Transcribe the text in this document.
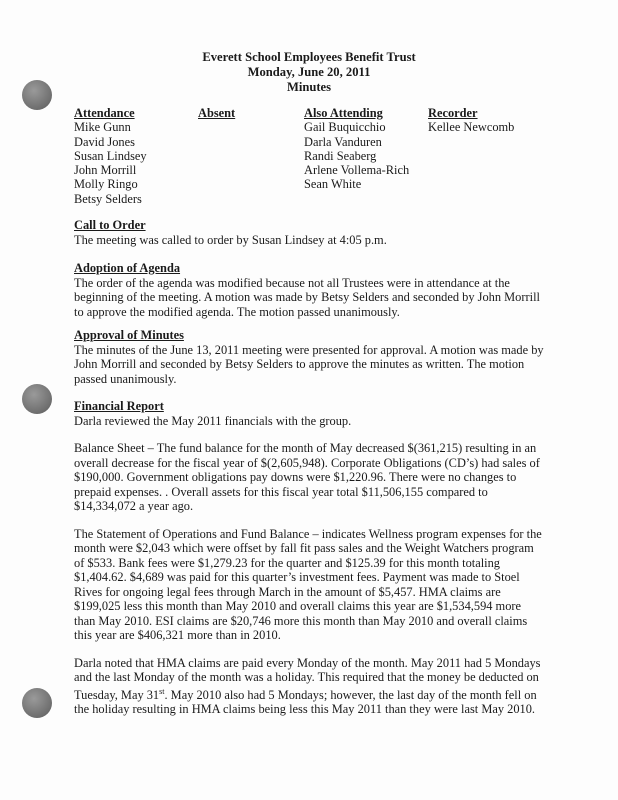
Everett School Employees Benefit Trust
Monday, June 20, 2011
Minutes
Attendance
Mike Gunn
David Jones
Susan Lindsey
John Morrill
Molly Ringo
Betsy Selders
Absent	Also Attending
Gail Buquicchio
Darla Vanduren
Randi Seaberg
Arlene Vollema-Rich
Sean White
Recorder
Kellee Newcomb
Call to Order

The meeting was called to order by Susan Lindsey at 4:05 p.m.

Adoption of Agenda

The order of the agenda was modified because not all Trustees were in attendance at the beginning of the meeting. A motion was made by Betsy Selders and seconded by John Morrill to approve the modified agenda. The motion passed unanimously.

Approval of Minutes

The minutes of the June 13, 2011 meeting were presented for approval. A motion was made by John Morrill and seconded by Betsy Selders to approve the minutes as written. The motion passed unanimously.

Financial Report

Darla reviewed the May 2011 financials with the group.

Balance Sheet – The fund balance for the month of May decreased $(361,215) resulting in an overall decrease for the fiscal year of $(2,605,948). Corporate Obligations (CD’s) had sales of $190,000. Government obligations pay downs were $1,220.96. There were no changes to prepaid expenses. . Overall assets for this fiscal year total $11,506,155 compared to $14,334,072 a year ago.

The Statement of Operations and Fund Balance – indicates Wellness program expenses for the month were $2,043 which were offset by fall fit pass sales and the Weight Watchers program of $533. Bank fees were $1,279.23 for the quarter and $125.39 for this month totaling $1,404.62. $4,689 was paid for this quarter’s investment fees. Payment was made to Stoel Rives for ongoing legal fees through March in the amount of $5,457. HMA claims are $199,025 less this month than May 2010 and overall claims this year are $1,534,594 more than May 2010. ESI claims are $20,746 more this month than May 2010 and overall claims this year are $406,321 more than in 2010.

Darla noted that HMA claims are paid every Monday of the month. May 2011 had 5 Mondays and the last Monday of the month was a holiday. This required that the money be deducted on Tuesday, May 31st. May 2010 also had 5 Mondays; however, the last day of the month fell on the holiday resulting in HMA claims being less this May 2011 than they were last May 2010.
